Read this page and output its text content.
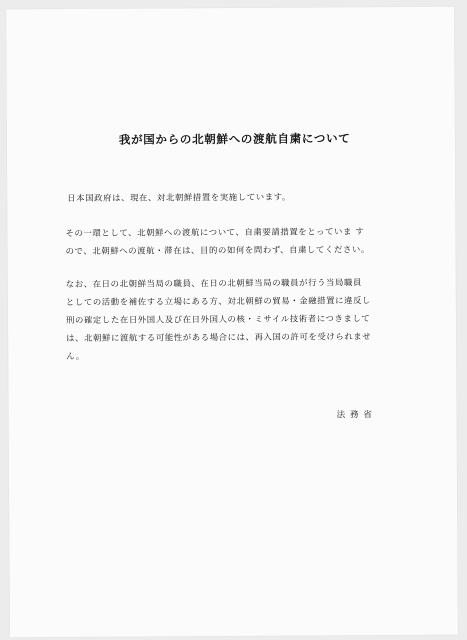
我が国からの北朝鮮への渡航自粛について
日本国政府は、現在、対北朝鮮措置を実施しています。
その一環として、北朝鮮への渡航について、自粛要請措置をとっていま す
ので、北朝鮮への渡航・滞在は、目的の如何を問わず、自粛してください。
なお、在日の北朝鮮当局の職員、在日の北朝鮮当局の職員が行う当局職員
としての活動を補佐する立場にある方、対北朝鮮の貿易・金融措置に違反し
刑の確定した在日外国人及び在日外国人の核・ミサイル技術者につきまして
は、北朝鮮に渡航する可能性がある場合には、再入国の許可を受けられませ
ん。
法務省
